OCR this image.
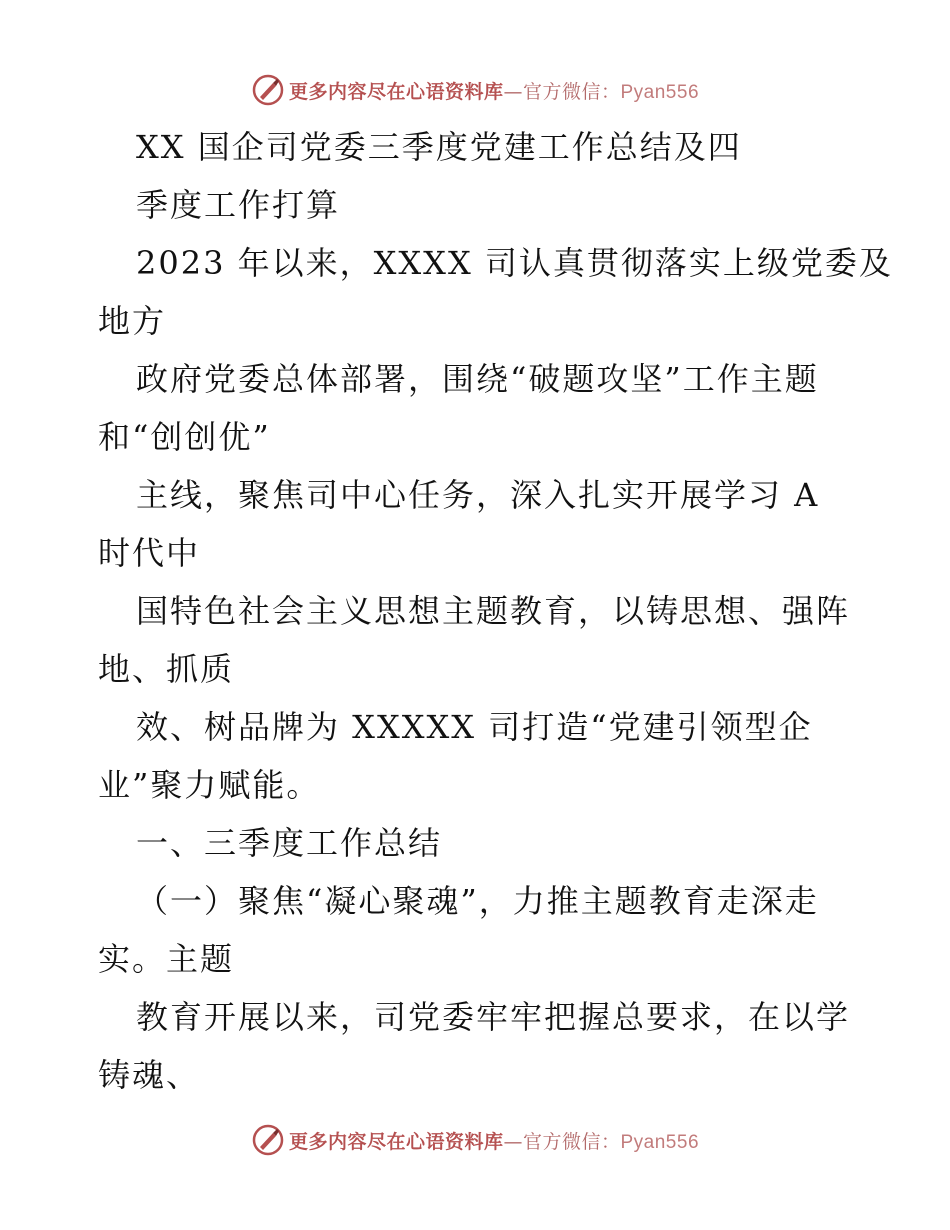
更多内容尽在心语资料库—官方微信：Pyan556
XX 国企司党委三季度党建工作总结及四
季度工作打算
2023 年以来，XXXX 司认真贯彻落实上级党委及
地方
政府党委总体部署，围绕“破题攻坚”工作主题
和“创创优”
主线，聚焦司中心任务，深入扎实开展学习 A
时代中
国特色社会主义思想主题教育，以铸思想、强阵
地、抓质
效、树品牌为 XXXXX 司打造“党建引领型企
业”聚力赋能。
一、三季度工作总结
（一）聚焦“凝心聚魂”，力推主题教育走深走
实。主题
教育开展以来，司党委牢牢把握总要求，在以学
铸魂、
更多内容尽在心语资料库—官方微信：Pyan556
